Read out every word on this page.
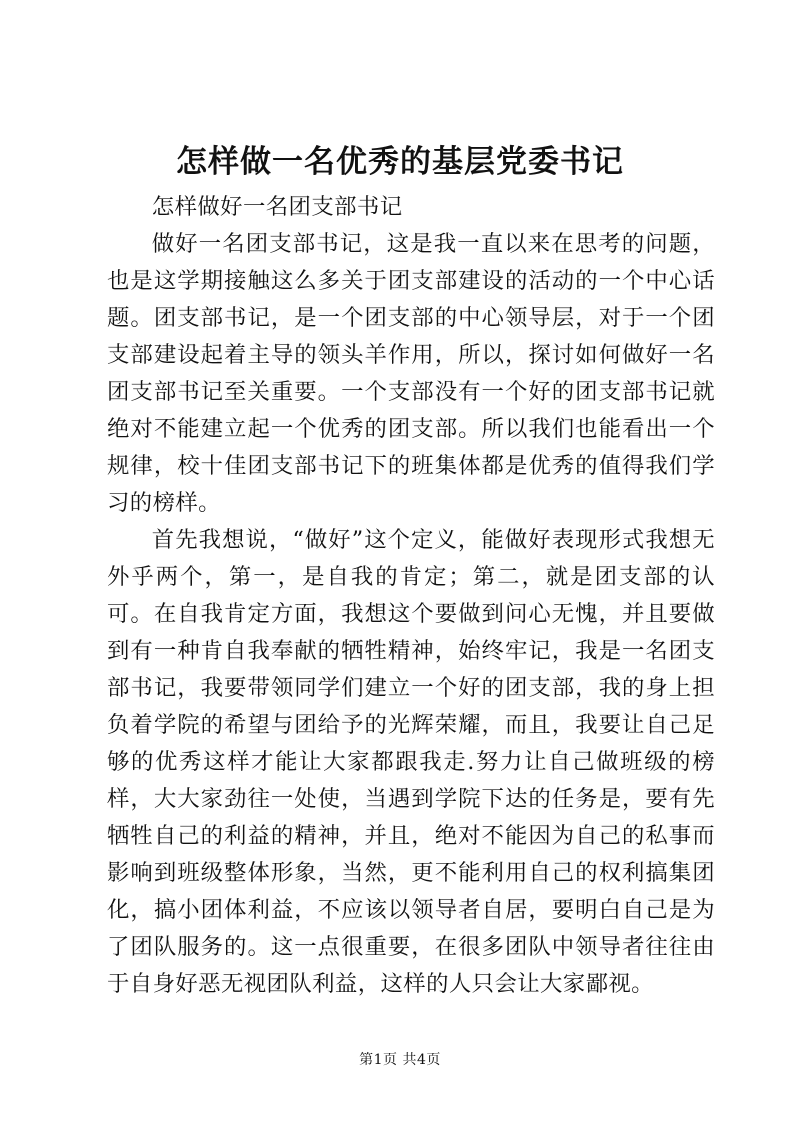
怎样做一名优秀的基层党委书记

怎样做好一名团支部书记

做好一名团支部书记，这是我一直以来在思考的问题，也是这学期接触这么多关于团支部建设的活动的一个中心话题。团支部书记，是一个团支部的中心领导层，对于一个团支部建设起着主导的领头羊作用，所以，探讨如何做好一名团支部书记至关重要。一个支部没有一个好的团支部书记就绝对不能建立起一个优秀的团支部。所以我们也能看出一个规律，校十佳团支部书记下的班集体都是优秀的值得我们学习的榜样。

首先我想说，“做好”这个定义，能做好表现形式我想无外乎两个，第一，是自我的肯定；第二，就是团支部的认可。在自我肯定方面，我想这个要做到问心无愧，并且要做到有一种肯自我奉献的牺牲精神，始终牢记，我是一名团支部书记，我要带领同学们建立一个好的团支部，我的身上担负着学院的希望与团给予的光辉荣耀，而且，我要让自己足够的优秀这样才能让大家都跟我走.努力让自己做班级的榜样，大大家劲往一处使，当遇到学院下达的任务是，要有先牺牲自己的利益的精神，并且，绝对不能因为自己的私事而影响到班级整体形象，当然，更不能利用自己的权利搞集团化，搞小团体利益，不应该以领导者自居，要明白自己是为了团队服务的。这一点很重要，在很多团队中领导者往往由于自身好恶无视团队利益，这样的人只会让大家鄙视。

第1页 共4页
